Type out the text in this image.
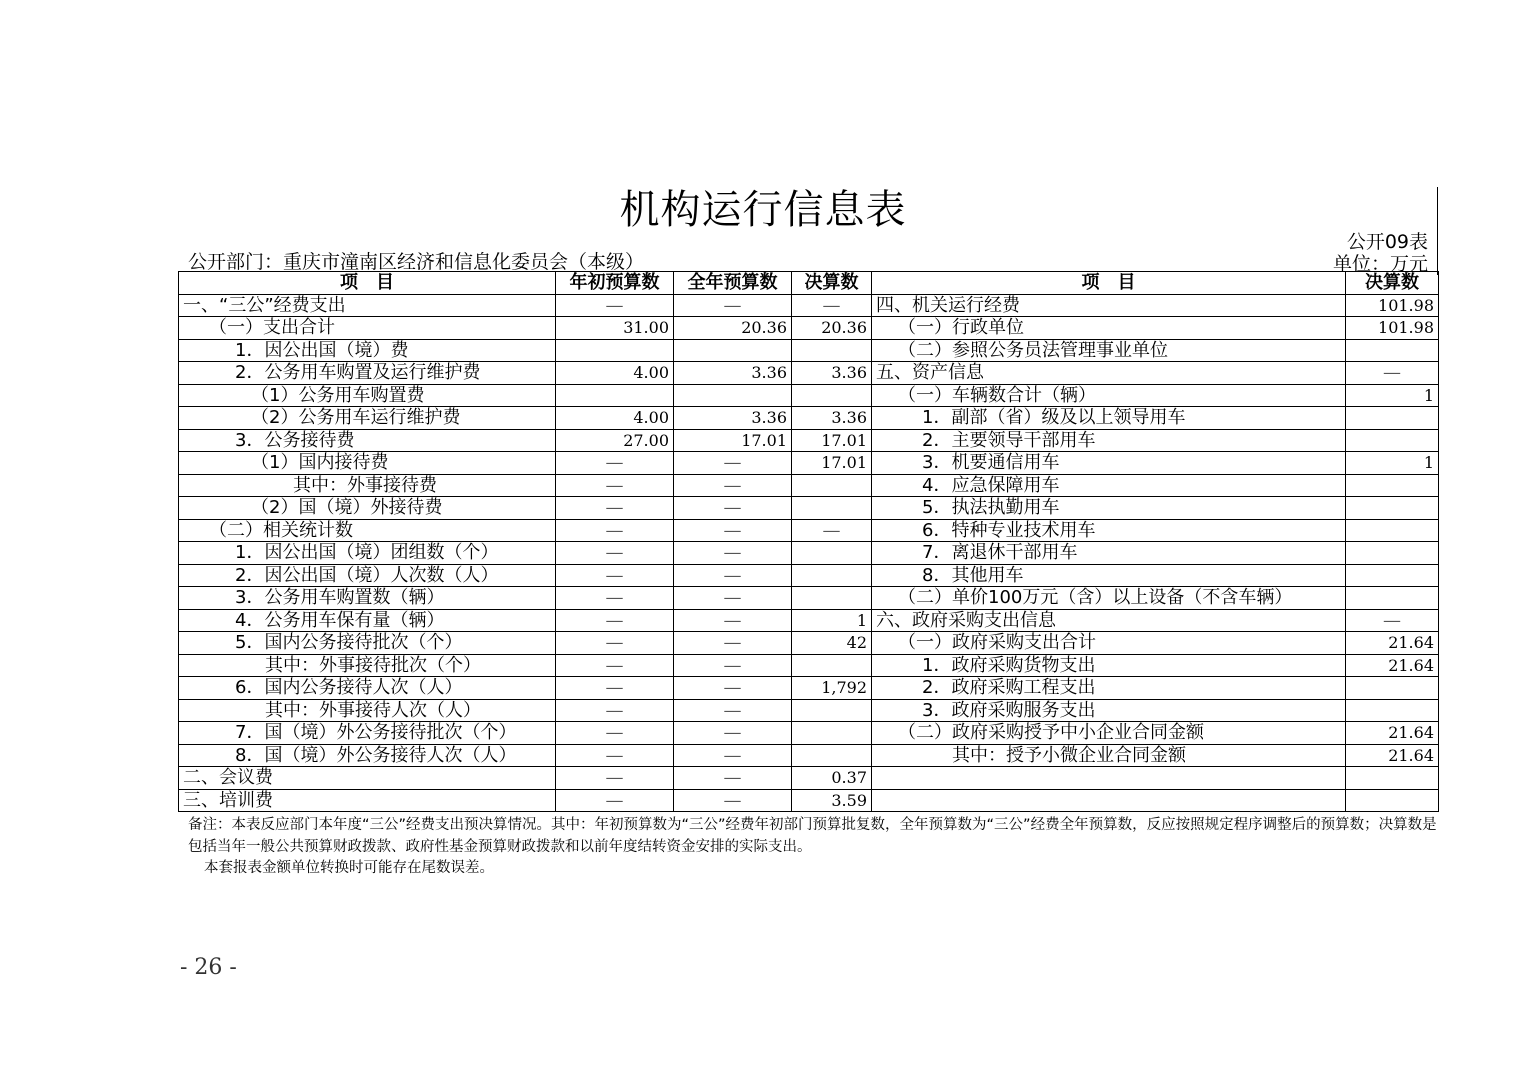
机构运行信息表
公开09表
公开部门：重庆市潼南区经济和信息化委员会（本级）	单位：万元
项　目	年初预算数	全年预算数	决算数	项　目	决算数
一、“三公”经费支出	—	—	—	四、机关运行经费	101.98
（一）支出合计	31.00	20.36	20.36	（一）行政单位	101.98
1．因公出国（境）费				（二）参照公务员法管理事业单位	
2．公务用车购置及运行维护费	4.00	3.36	3.36	五、资产信息	—
（1）公务用车购置费				（一）车辆数合计（辆）	1
（2）公务用车运行维护费	4.00	3.36	3.36	1．副部（省）级及以上领导用车	
3．公务接待费	27.00	17.01	17.01	2．主要领导干部用车	
（1）国内接待费	—	—	17.01	3．机要通信用车	1
其中：外事接待费	—	—		4．应急保障用车	
（2）国（境）外接待费	—	—		5．执法执勤用车	
（二）相关统计数	—	—	—	6．特种专业技术用车	
1．因公出国（境）团组数（个）	—	—		7．离退休干部用车	
2．因公出国（境）人次数（人）	—	—		8．其他用车	
3．公务用车购置数（辆）	—	—		（二）单价100万元（含）以上设备（不含车辆）	
4．公务用车保有量（辆）	—	—	1	六、政府采购支出信息	—
5．国内公务接待批次（个）	—	—	42	（一）政府采购支出合计	21.64
其中：外事接待批次（个）	—	—		1．政府采购货物支出	21.64
6．国内公务接待人次（人）	—	—	1,792	2．政府采购工程支出	
其中：外事接待人次（人）	—	—		3．政府采购服务支出	
7．国（境）外公务接待批次（个）	—	—		（二）政府采购授予中小企业合同金额	21.64
8．国（境）外公务接待人次（人）	—	—		其中：授予小微企业合同金额	21.64
二、会议费	—	—	0.37		
三、培训费	—	—	3.59		
备注：本表反应部门本年度“三公”经费支出预决算情况。其中：年初预算数为“三公”经费年初部门预算批复数，全年预算数为“三公”经费全年预算数，反应按照规定程序调整后的预算数；决算数是包括当年一般公共预算财政拨款、政府性基金预算财政拨款和以前年度结转资金安排的实际支出。
本套报表金额单位转换时可能存在尾数误差。
- 26 -
